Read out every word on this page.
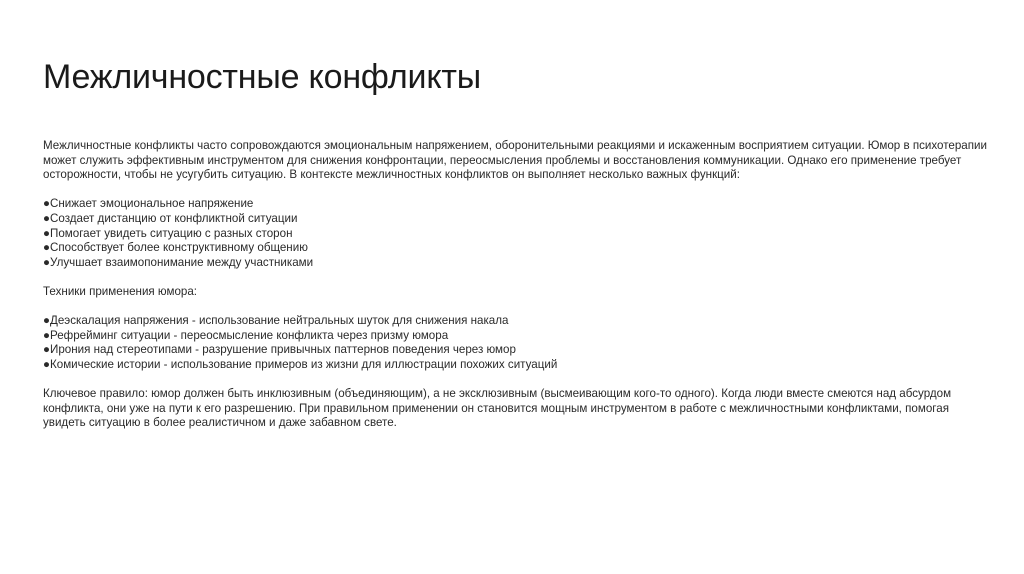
Межличностные конфликты

Межличностные конфликты часто сопровождаются эмоциональным напряжением, оборонительными реакциями и искаженным восприятием ситуации. Юмор в психотерапии может служить эффективным инструментом для снижения конфронтации, переосмысления проблемы и восстановления коммуникации. Однако его применение требует осторожности, чтобы не усугубить ситуацию. В контексте межличностных конфликтов он выполняет несколько важных функций:

●Снижает эмоциональное напряжение
●Создает дистанцию от конфликтной ситуации
●Помогает увидеть ситуацию с разных сторон
●Способствует более конструктивному общению
●Улучшает взаимопонимание между участниками

Техники применения юмора:

●Деэскалация напряжения - использование нейтральных шуток для снижения накала
●Рефрейминг ситуации - переосмысление конфликта через призму юмора
●Ирония над стереотипами - разрушение привычных паттернов поведения через юмор
●Комические истории - использование примеров из жизни для иллюстрации похожих ситуаций

Ключевое правило: юмор должен быть инклюзивным (объединяющим), а не эксклюзивным (высмеивающим кого-то одного). Когда люди вместе смеются над абсурдом конфликта, они уже на пути к его разрешению. При правильном применении он становится мощным инструментом в работе с межличностными конфликтами, помогая увидеть ситуацию в более реалистичном и даже забавном свете.
